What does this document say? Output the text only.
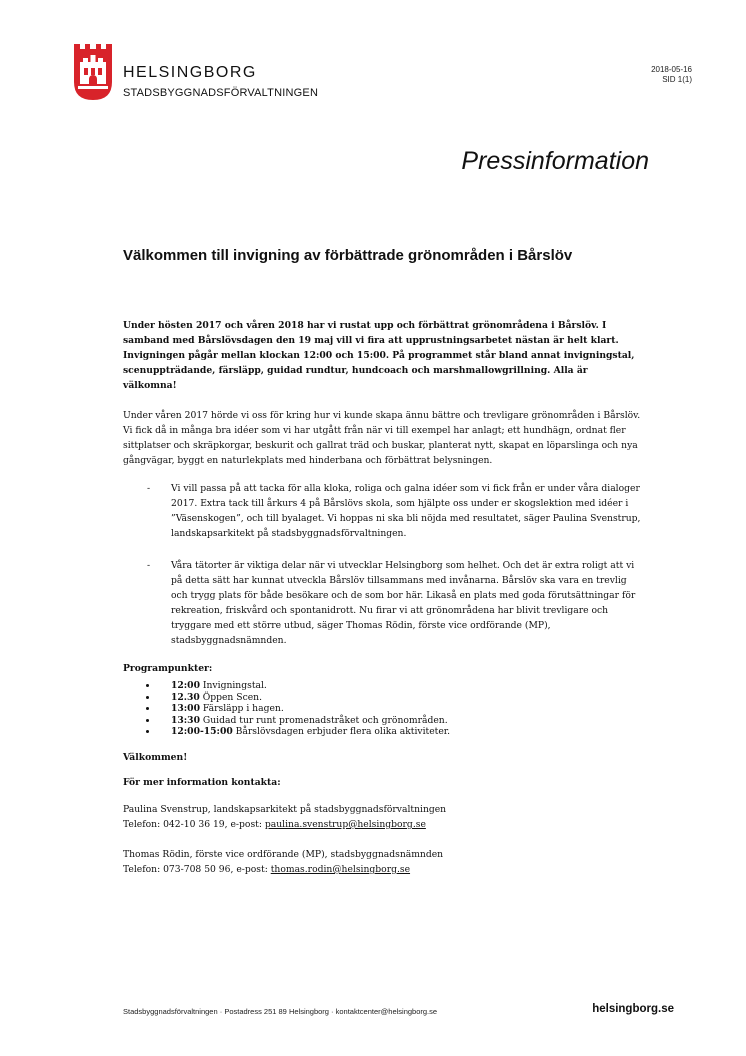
HELSINGBORG
STADSBYGGNADSFÖRVALTNINGEN
2018-05-16
SID 1(1)
Pressinformation
Välkommen till invigning av förbättrade grönområden i Bårslöv

Under hösten 2017 och våren 2018 har vi rustat upp och förbättrat grönområdena i Bårslöv. I samband med Bårslövsdagen den 19 maj vill vi fira att upprustningsarbetet nästan är helt klart. Invigningen pågår mellan klockan 12:00 och 15:00. På programmet står bland annat invigningstal, scenuppträdande, färsläpp, guidad rundtur, hundcoach och marshmallowgrillning. Alla är välkomna!

Under våren 2017 hörde vi oss för kring hur vi kunde skapa ännu bättre och trevligare grönområden i Bårslöv. Vi fick då in många bra idéer som vi har utgått från när vi till exempel har anlagt; ett hundhägn, ordnat fler sittplatser och skräpkorgar, beskurit och gallrat träd och buskar, planterat nytt, skapat en löparslinga och nya gångvägar, byggt en naturlekplats med hinderbana och förbättrat belysningen.

- Vi vill passa på att tacka för alla kloka, roliga och galna idéer som vi fick från er under våra dialoger 2017. Extra tack till årkurs 4 på Bårslövs skola, som hjälpte oss under er skogslektion med idéer i ”Väsenskogen”, och till byalaget. Vi hoppas ni ska bli nöjda med resultatet, säger Paulina Svenstrup, landskapsarkitekt på stadsbyggnadsförvaltningen.

- Våra tätorter är viktiga delar när vi utvecklar Helsingborg som helhet. Och det är extra roligt att vi på detta sätt har kunnat utveckla Bårslöv tillsammans med invånarna. Bårslöv ska vara en trevlig och trygg plats för både besökare och de som bor här. Likaså en plats med goda förutsättningar för rekreation, friskvård och spontanidrott. Nu firar vi att grönområdena har blivit trevligare och tryggare med ett större utbud, säger Thomas Rödin, förste vice ordförande (MP), stadsbyggnadsnämnden.

Programpunkter:

12:00 Invigningstal.
12.30 Öppen Scen.
13:00 Färsläpp i hagen.
13:30 Guidad tur runt promenadstråket och grönområden.
12:00-15:00 Bårslövsdagen erbjuder flera olika aktiviteter.

Välkommen!

För mer information kontakta:

Paulina Svenstrup, landskapsarkitekt på stadsbyggnadsförvaltningen

Telefon: 042-10 36 19, e-post: paulina.svenstrup@helsingborg.se

Thomas Rödin, förste vice ordförande (MP), stadsbyggnadsnämnden

Telefon: 073-708 50 96, e-post: thomas.rodin@helsingborg.se

Stadsbyggnadsförvaltningen · Postadress 251 89 Helsingborg · kontaktcenter@helsingborg.se	helsingborg.se
